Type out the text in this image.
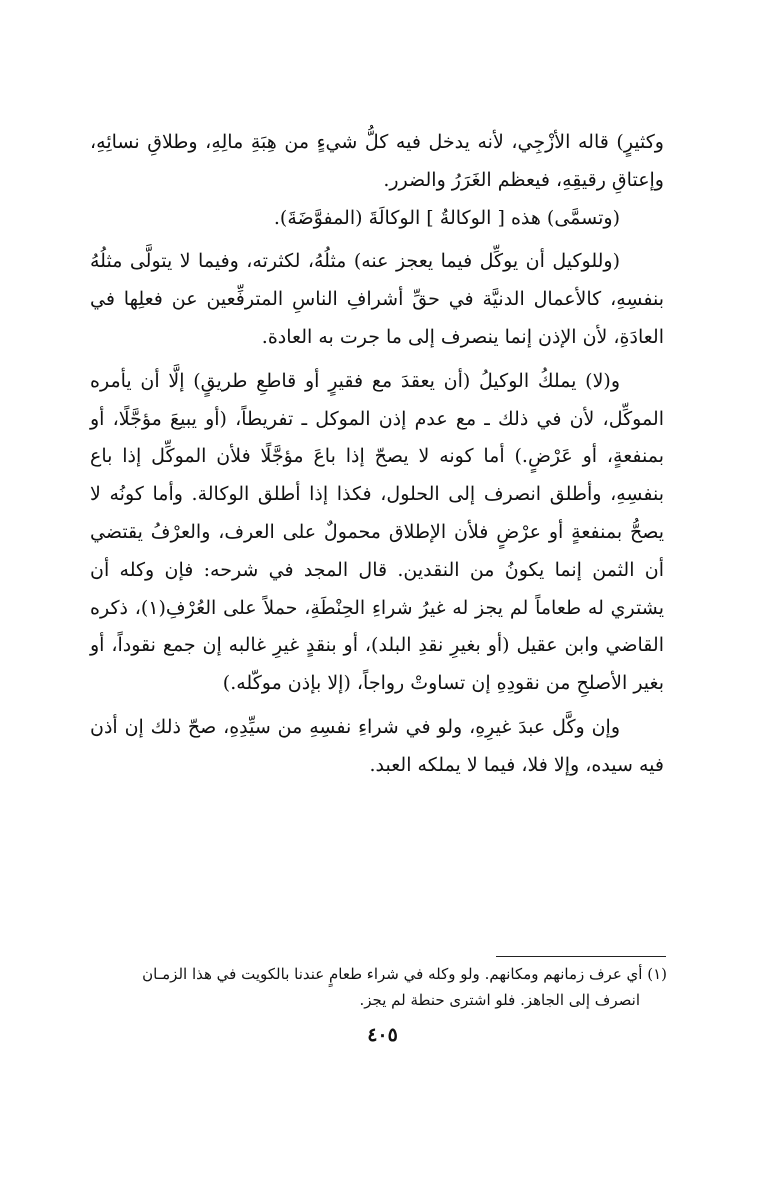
وكثيرٍ) قاله الأزْجِي، لأنه يدخل فيه كلُّ شيءٍ من هِبَةِ مالِهِ، وطلاقِ نسائِهِ، وإعتاقِ رقيقِهِ، فيعظم الغَرَرُ والضرر.

(وتسمَّى) هذه [ الوكالةُ ] الوكالَةَ (المفوَّضَةَ).

(وللوكيل أن يوكِّل فيما يعجز عنه) مثلُهُ، لكثرته، وفيما لا يتولَّى مثلُهُ بنفسِهِ، كالأعمال الدنيَّة في حقِّ أشرافِ الناسِ المترفِّعين عن فعلِها في العادَةِ، لأن الإذن إنما ينصرف إلى ما جرت به العادة.

و(لا) يملكُ الوكيلُ (أن يعقدَ مع فقيرٍ أو قاطعِ طريقٍ) إلَّا أن يأمره الموكِّل، لأن في ذلك ـ مع عدم إذن الموكل ـ تفريطاً، (أو يبيعَ مؤجَّلًا، أو بمنفعةٍ، أو عَرْضٍ.) أما كونه لا يصحّ إذا باعَ مؤجَّلًا فلأن الموكِّل إذا باع بنفسِهِ، وأطلق انصرف إلى الحلول، فكذا إذا أطلق الوكالة. وأما كونُه لا يصحُّ بمنفعةٍ أو عرْضٍ فلأن الإطلاق محمولٌ على العرف، والعرْفُ يقتضي أن الثمن إنما يكونُ من النقدين. قال المجد في شرحه: فإن وكله أن يشتري له طعاماً لم يجز له غيرُ شراءِ الحِنْطَةِ، حملاً على العُرْفِ(١)، ذكره القاضي وابن عقيل (أو بغيرِ نقدِ البلد)، أو بنقدٍ غيرِ غالبه إن جمع نقوداً، أو بغير الأصلحِ من نقودِهِ إن تساوتْ رواجاً، (إلا بإذن موكّله.)

وإن وكَّل عبدَ غيرِهِ، ولو في شراءِ نفسِهِ من سيِّدِهِ، صحّ ذلك إن أذن فيه سيده، وإلا فلا، فيما لا يملكه العبد.

(١) أي عرف زمانهم ومكانهم. ولو وكله في شراء طعامٍ عندنا بالكويت في هذا الزمـان

انصرف إلى الجاهز. فلو اشترى حنطة لم يجز.

٤٠٥
